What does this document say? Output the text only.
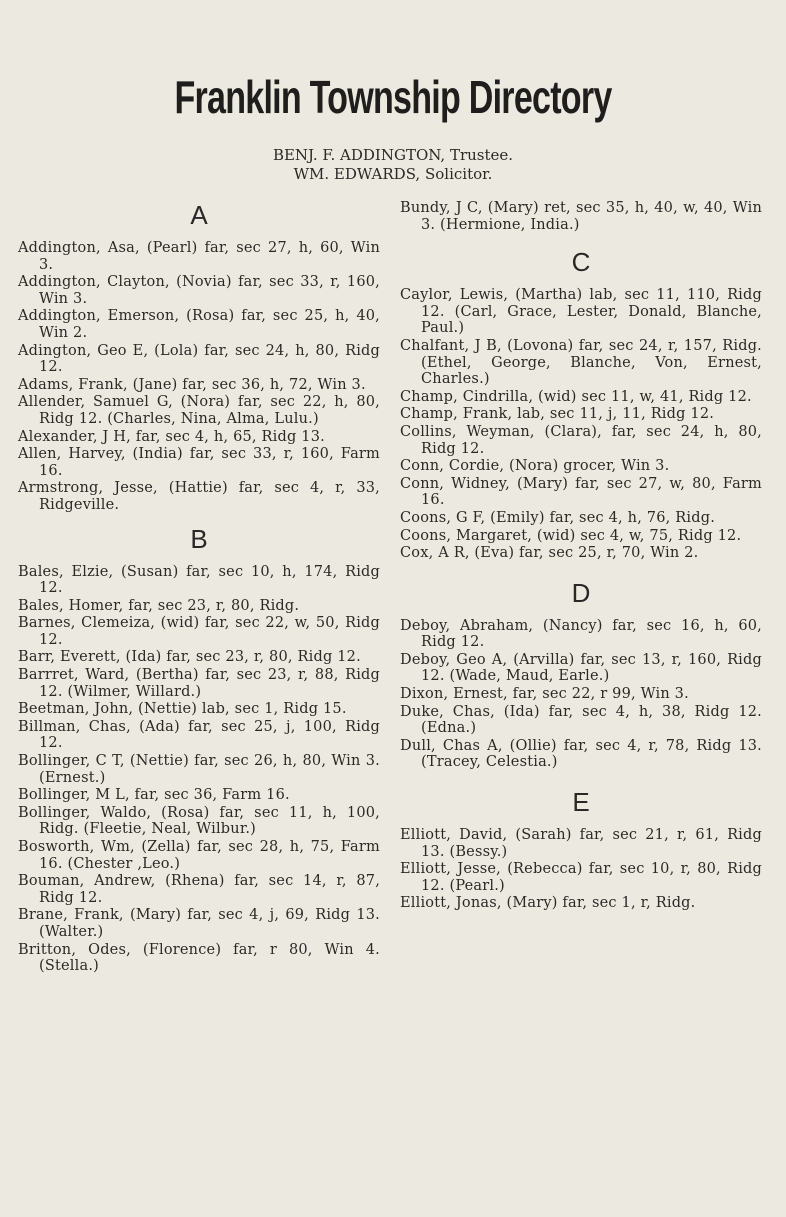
Franklin Township Directory
BENJ. F. ADDINGTON, Trustee.
WM. EDWARDS, Solicitor.
A

Addington, Asa, (Pearl) far, sec 27, h, 60, Win 3.

Addington, Clayton, (Novia) far, sec 33, r, 160, Win 3.

Addington, Emerson, (Rosa) far, sec 25, h, 40, Win 2.

Adington, Geo E, (Lola) far, sec 24, h, 80, Ridg 12.

Adams, Frank, (Jane) far, sec 36, h, 72, Win 3.

Allender, Samuel G, (Nora) far, sec 22, h, 80, Ridg 12. (Charles, Nina, Alma, Lulu.)

Alexander, J H, far, sec 4, h, 65, Ridg 13.

Allen, Harvey, (India) far, sec 33, r, 160, Farm 16.

Armstrong, Jesse, (Hattie) far, sec 4, r, 33, Ridgeville.

B

Bales, Elzie, (Susan) far, sec 10, h, 174, Ridg 12.

Bales, Homer, far, sec 23, r, 80, Ridg.

Barnes, Clemeiza, (wid) far, sec 22, w, 50, Ridg 12.

Barr, Everett, (Ida) far, sec 23, r, 80, Ridg 12.

Barrret, Ward, (Bertha) far, sec 23, r, 88, Ridg 12. (Wilmer, Willard.)

Beetman, John, (Nettie) lab, sec 1, Ridg 15.

Billman, Chas, (Ada) far, sec 25, j, 100, Ridg 12.

Bollinger, C T, (Nettie) far, sec 26, h, 80, Win 3. (Ernest.)

Bollinger, M L, far, sec 36, Farm 16.

Bollinger, Waldo, (Rosa) far, sec 11, h, 100, Ridg. (Fleetie, Neal, Wilbur.)

Bosworth, Wm, (Zella) far, sec 28, h, 75, Farm 16. (Chester ,Leo.)

Bouman, Andrew, (Rhena) far, sec 14, r, 87, Ridg 12.

Brane, Frank, (Mary) far, sec 4, j, 69, Ridg 13. (Walter.)

Britton, Odes, (Florence) far, r 80, Win 4. (Stella.)

Bundy, J C, (Mary) ret, sec 35, h, 40, w, 40, Win 3. (Hermione, India.)

C

Caylor, Lewis, (Martha) lab, sec 11, 110, Ridg 12. (Carl, Grace, Lester, Donald, Blanche, Paul.)

Chalfant, J B, (Lovona) far, sec 24, r, 157, Ridg. (Ethel, George, Blanche, Von, Ernest, Charles.)

Champ, Cindrilla, (wid) sec 11, w, 41, Ridg 12.

Champ, Frank, lab, sec 11, j, 11, Ridg 12.

Collins, Weyman, (Clara), far, sec 24, h, 80, Ridg 12.

Conn, Cordie, (Nora) grocer, Win 3.

Conn, Widney, (Mary) far, sec 27, w, 80, Farm 16.

Coons, G F, (Emily) far, sec 4, h, 76, Ridg.

Coons, Margaret, (wid) sec 4, w, 75, Ridg 12.

Cox, A R, (Eva) far, sec 25, r, 70, Win 2.

D

Deboy, Abraham, (Nancy) far, sec 16, h, 60, Ridg 12.

Deboy, Geo A, (Arvilla) far, sec 13, r, 160, Ridg 12. (Wade, Maud, Earle.)

Dixon, Ernest, far, sec 22, r 99, Win 3.

Duke, Chas, (Ida) far, sec 4, h, 38, Ridg 12. (Edna.)

Dull, Chas A, (Ollie) far, sec 4, r, 78, Ridg 13. (Tracey, Celestia.)

E

Elliott, David, (Sarah) far, sec 21, r, 61, Ridg 13. (Bessy.)

Elliott, Jesse, (Rebecca) far, sec 10, r, 80, Ridg 12. (Pearl.)

Elliott, Jonas, (Mary) far, sec 1, r, Ridg.
